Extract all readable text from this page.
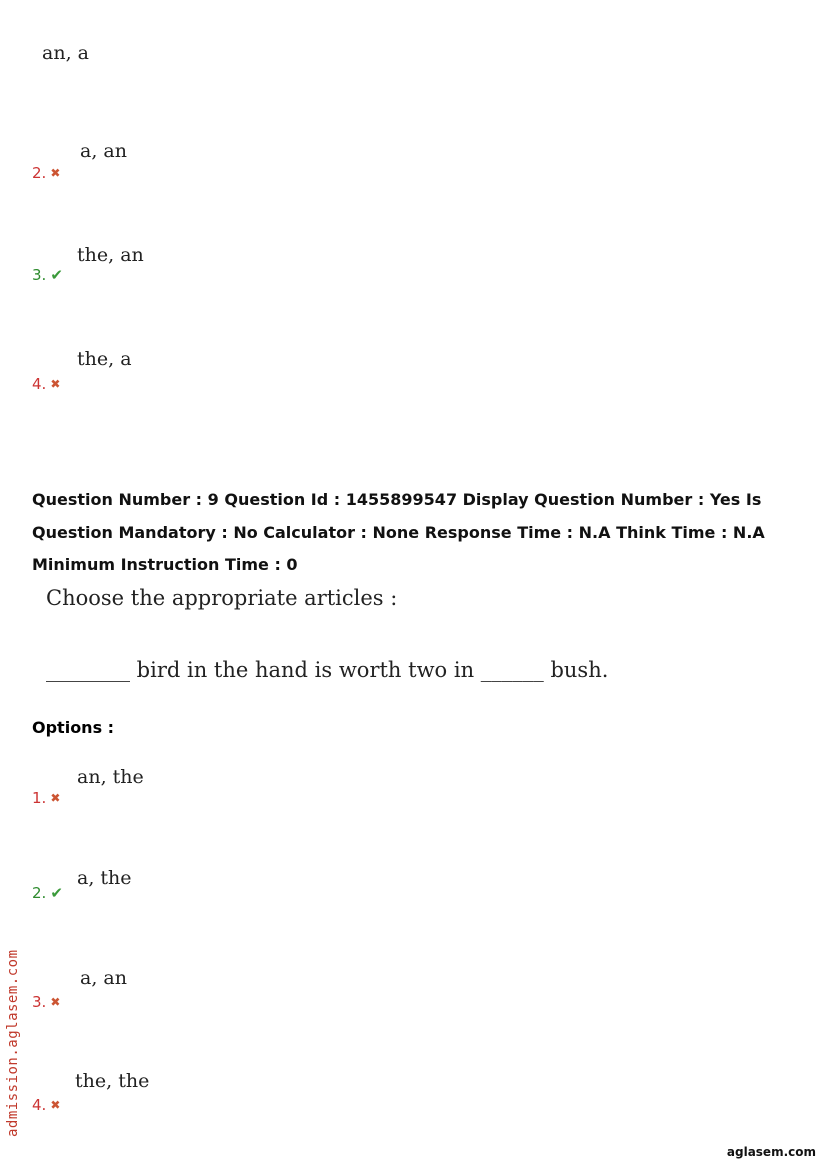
an, a
a, an
2. ✖
the, an
3. ✔
the, a
4. ✖
Question Number : 9 Question Id : 1455899547 Display Question Number : Yes Is Question Mandatory : No Calculator : None Response Time : N.A Think Time : N.A Minimum Instruction Time : 0
Choose the appropriate articles :
________ bird in the hand is worth two in ______ bush.
Options :
an, the
1. ✖
a, the
2. ✔
a, an
3. ✖
the, the
4. ✖
admission.aglasem.com
aglasem.com
